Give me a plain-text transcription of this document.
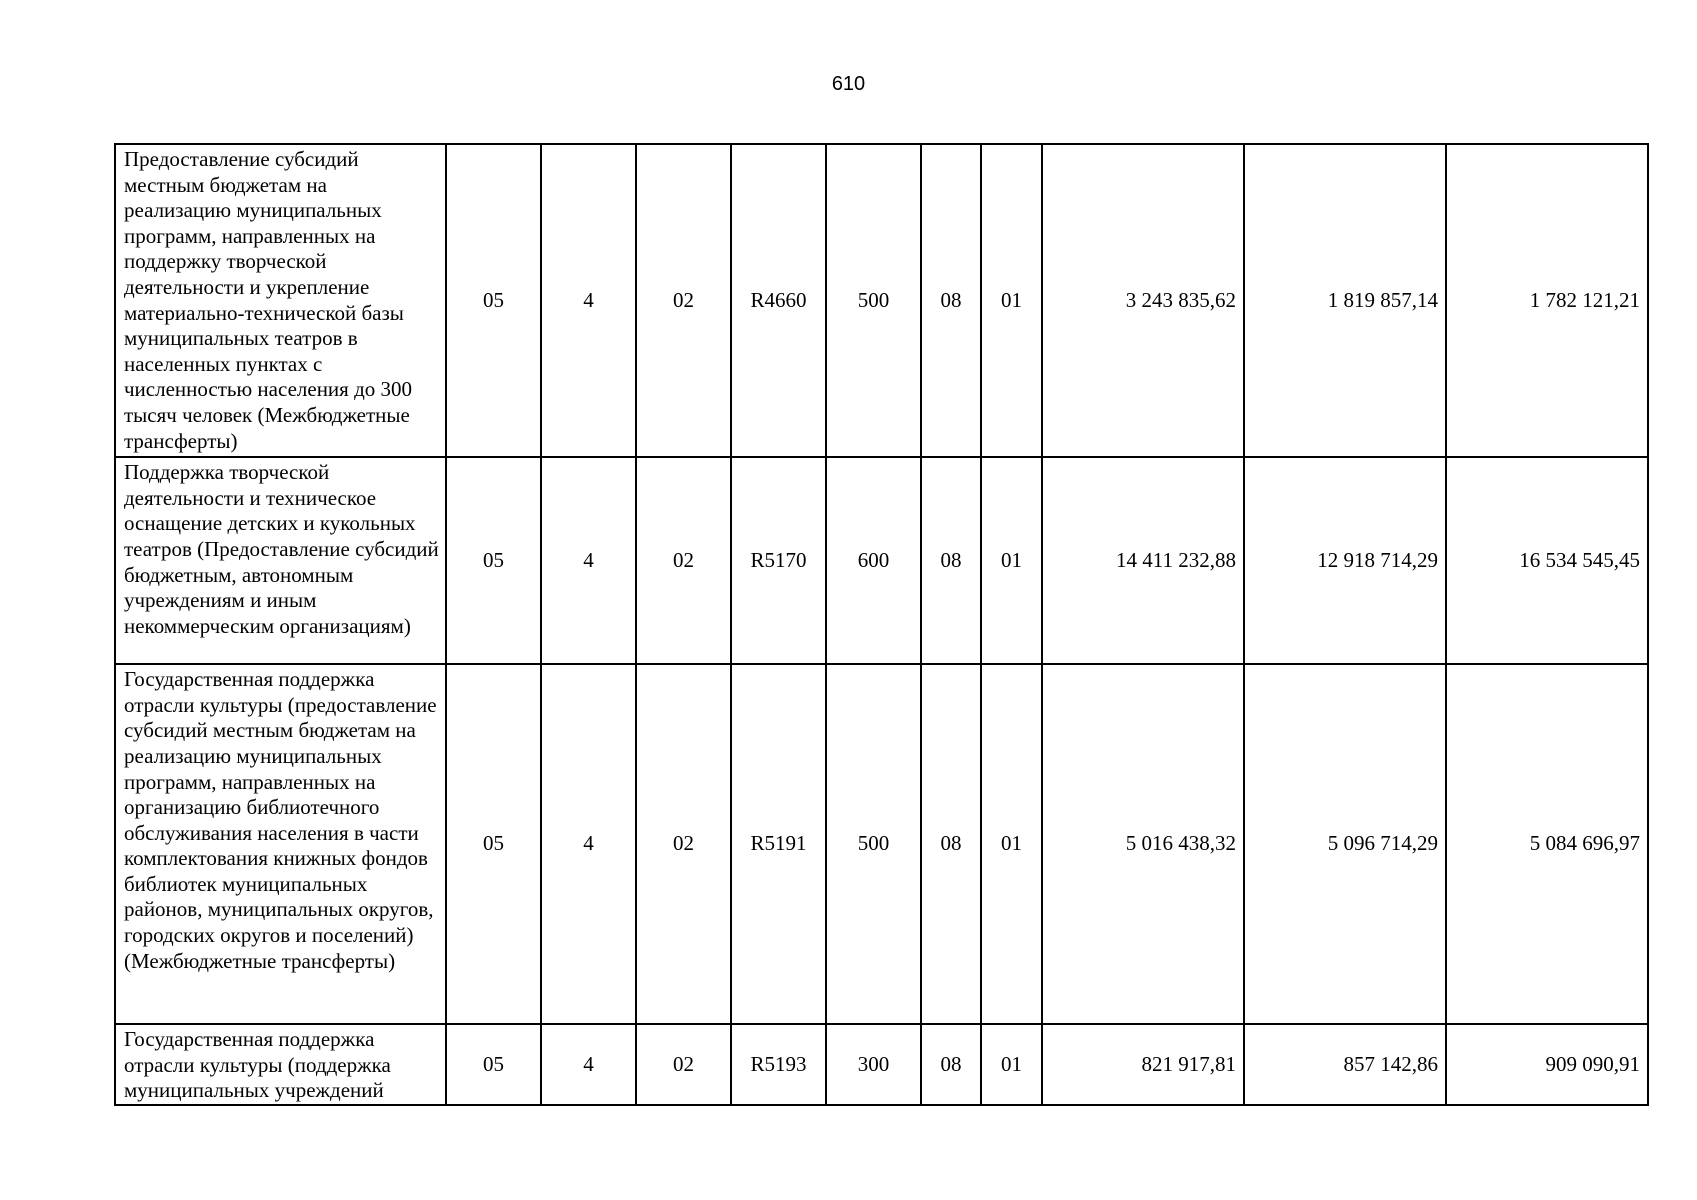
610
Предоставление субсидий местным бюджетам на реализацию муниципальных программ, направленных на поддержку творческой деятельности и укрепление материально-технической базы муниципальных театров в населенных пунктах с численностью населения до 300 тысяч человек (Межбюджетные трансферты)	05	4	02	R4660	500	08	01	3 243 835,62	1 819 857,14	1 782 121,21
Поддержка творческой деятельности и техническое оснащение детских и кукольных театров (Предоставление субсидий бюджетным, автономным учреждениям и иным некоммерческим организациям)	05	4	02	R5170	600	08	01	14 411 232,88	12 918 714,29	16 534 545,45
Государственная поддержка отрасли культуры (предоставление субсидий местным бюджетам на реализацию муниципальных программ, направленных на организацию библиотечного обслуживания населения в части комплектования книжных фондов библиотек муниципальных районов, муниципальных округов, городских округов и поселений) (Межбюджетные трансферты)	05	4	02	R5191	500	08	01	5 016 438,32	5 096 714,29	5 084 696,97

Государственная поддержка отрасли культуры (поддержка муниципальных учреждений	05	4	02	R5193	300	08	01	821 917,81	857 142,86	909 090,91
